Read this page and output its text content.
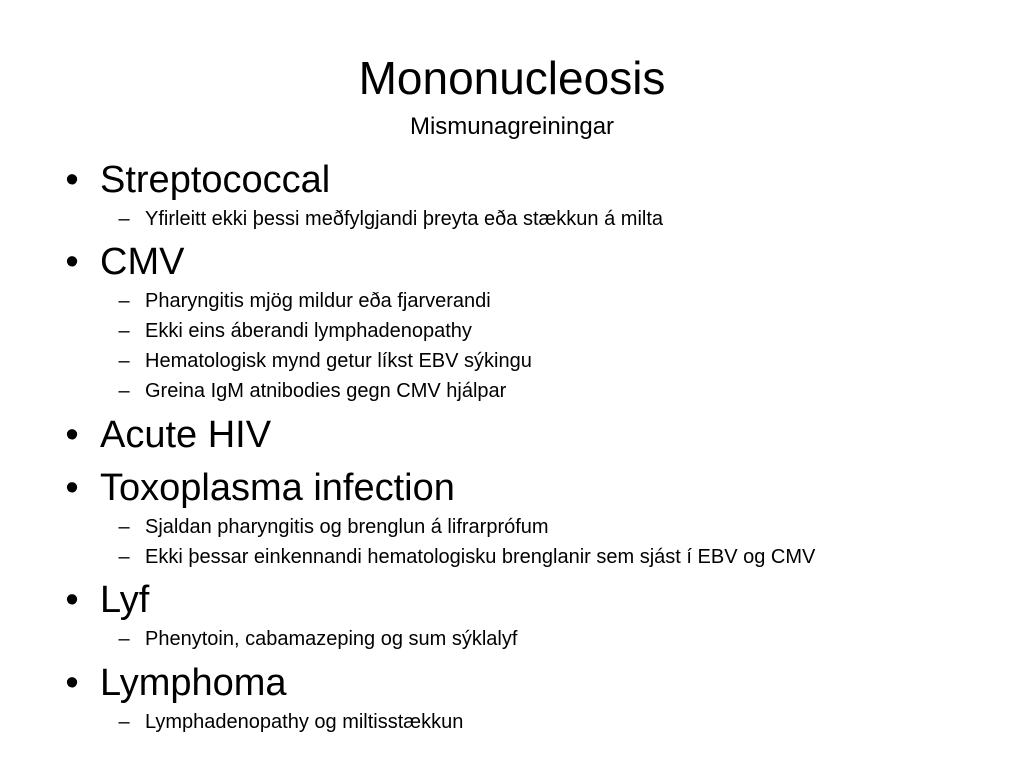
Mononucleosis
Mismunagreiningar
• Streptococcal
– Yfirleitt ekki þessi meðfylgjandi þreyta eða stækkun á milta
• CMV
– Pharyngitis mjög mildur eða fjarverandi
– Ekki eins áberandi lymphadenopathy
– Hematologisk mynd getur líkst EBV sýkingu
– Greina IgM atnibodies gegn CMV hjálpar
• Acute HIV
• Toxoplasma infection
– Sjaldan pharyngitis og brenglun á lifrarprófum
– Ekki þessar einkennandi hematologisku brenglanir sem sjást í EBV og CMV
• Lyf
– Phenytoin, cabamazeping og sum sýklalyf
• Lymphoma
– Lymphadenopathy og miltisstækkun
